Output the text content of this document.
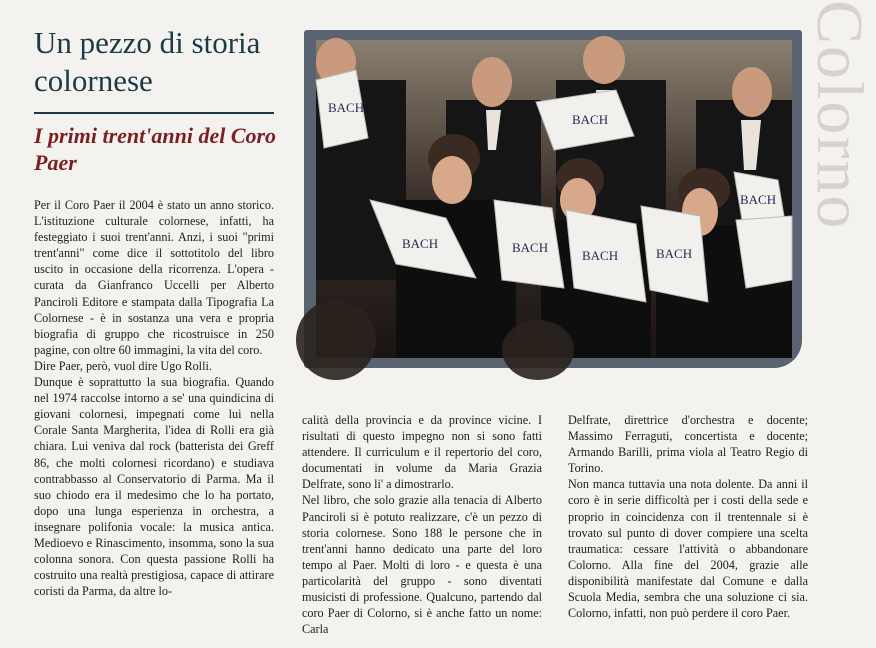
Un pezzo di storia colornese
I primi trent'anni del Coro Paer

Per il Coro Paer il 2004 è stato un anno storico. L'istituzione culturale colornese, infatti, ha festeggiato i suoi trent'anni. Anzi, i suoi "primi trent'anni" come dice il sottotitolo del libro uscito in occasione della ricorrenza. L'opera - curata da Gianfranco Uccelli per Alberto Panciroli Editore e stampata dalla Tipografia La Colornese - è in sostanza una vera e propria biografia di gruppo che ricostruisce in 250 pagine, con oltre 60 immagini, la vita del coro.

Dire Paer, però, vuol dire Ugo Rolli.

Dunque è soprattutto la sua biografia. Quando nel 1974 raccolse intorno a se' una quindicina di giovani colornesi, impegnati come lui nella Corale Santa Margherita, l'idea di Rolli era già chiara. Lui veniva dal rock (batterista dei Greff 86, che molti colornesi ricordano) e studiava contrabbasso al Conservatorio di Parma. Ma il suo chiodo era il medesimo che lo ha portato, dopo una lunga esperienza in orchestra, a insegnare polifonia vocale: la musica antica. Medioevo e Rinascimento, insomma, sono la sua colonna sonora. Con questa passione Rolli ha costruito una realtà prestigiosa, capace di attirare coristi da Parma, da altre lo-

calità della provincia e da province vicine. I risultati di questo impegno non si sono fatti attendere. Il curriculum e il repertorio del coro, documentati in volume da Maria Grazia Delfrate, sono li' a dimostrarlo.

Nel libro, che solo grazie alla tenacia di Alberto Panciroli si è potuto realizzare, c'è un pezzo di storia colornese. Sono 188 le persone che in trent'anni hanno dedicato una parte del loro tempo al Paer. Molti di loro - e questa è una particolarità del gruppo - sono diventati musicisti di professione. Qualcuno, partendo dal coro Paer di Colorno, si è anche fatto un nome: Carla

Delfrate, direttrice d'orchestra e docente; Massimo Ferraguti, concertista e docente; Armando Barilli, prima viola al Teatro Regio di Torino.

Non manca tuttavia una nota dolente. Da anni il coro è in serie difficoltà per i costi della sede e proprio in coincidenza con il trentennale si è trovato sul punto di dover compiere una scelta traumatica: cessare l'attività o abbandonare Colorno. Alla fine del 2004, grazie alle disponibilità manifestate dal Comune e dalla Scuola Media, sembra che una soluzione ci sia. Colorno, infatti, non può perdere il coro Paer.

BACH
BACH	BACH
BACH	BACH
BACH
BACH Colorno
